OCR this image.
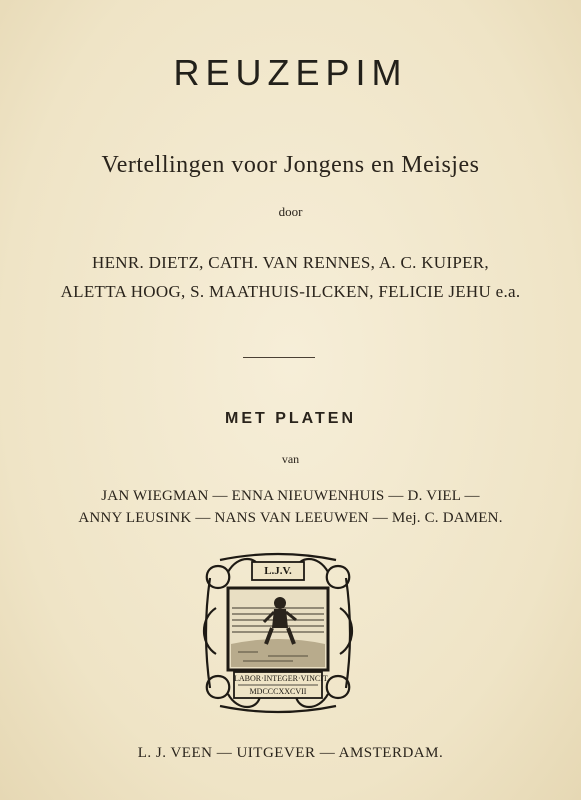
REUZEPIM
Vertellingen voor Jongens en Meisjes
door
HENR. DIETZ, CATH. VAN RENNES, A. C. KUIPER,
ALETTA HOOG, S. MAATHUIS-ILCKEN, FELICIE JEHU e.a.
MET PLATEN
van
JAN WIEGMAN — ENNA NIEUWENHUIS — D. VIEL —
ANNY LEUSINK — NANS VAN LEEUWEN — Mej. C. DAMEN.
L.J.V.
LABOR·INTEGER·VINCIT
MDCCCXXCVII
L. J. VEEN — UITGEVER — AMSTERDAM.
